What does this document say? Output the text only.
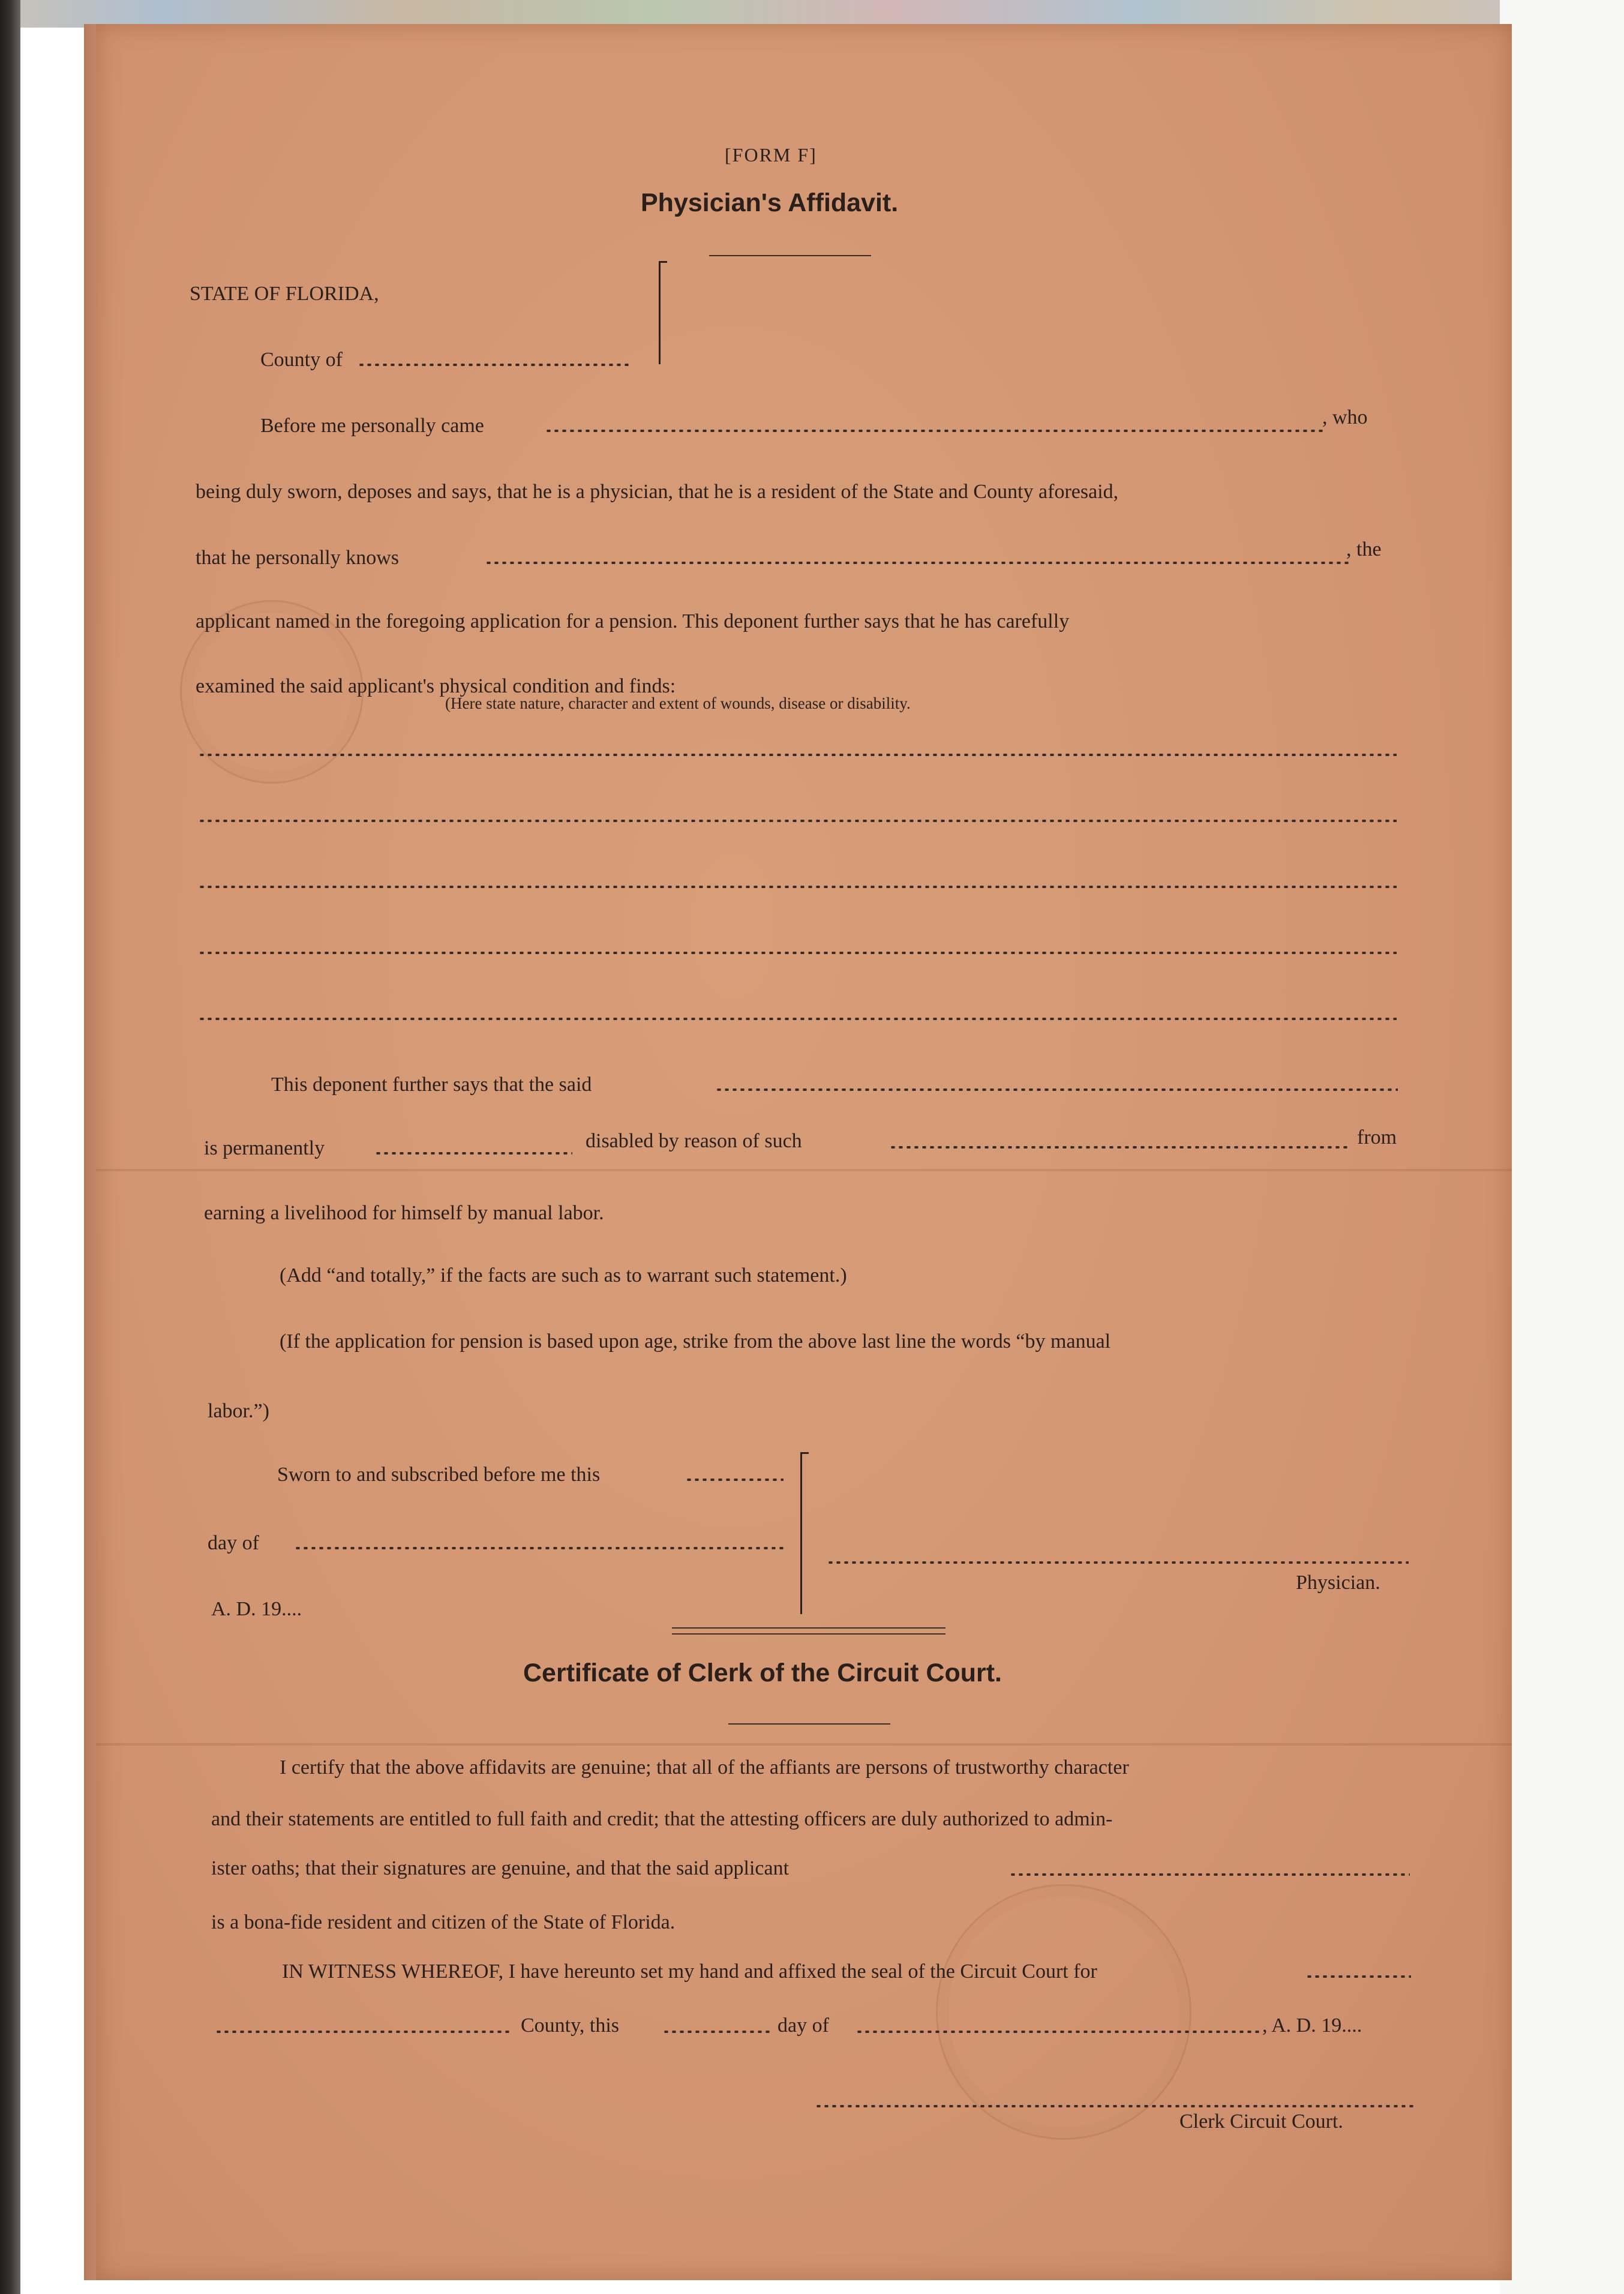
[FORM F]
Physician's Affidavit.
STATE OF FLORIDA,
County of
Before me personally came	, who
being duly sworn, deposes and says, that he is a physician, that he is a resident of the State and County aforesaid,
that he personally knows	, the
applicant named in the foregoing application for a pension. This deponent further says that he has carefully
examined the said applicant's physical condition and finds:
(Here state nature, character and extent of wounds, disease or disability.
This deponent further says that the said
is permanently	disabled by reason of such	from
earning a livelihood for himself by manual labor.
(Add “and totally,” if the facts are such as to warrant such statement.)
(If the application for pension is based upon age, strike from the above last line the words “by manual
labor.”)
Sworn to and subscribed before me this
day of
A. D. 19....
Physician.
Certificate of Clerk of the Circuit Court.
I certify that the above affidavits are genuine; that all of the affiants are persons of trustworthy character
and their statements are entitled to full faith and credit; that the attesting officers are duly authorized to admin-
ister oaths; that their signatures are genuine, and that the said applicant
is a bona-fide resident and citizen of the State of Florida.
IN WITNESS WHEREOF, I have hereunto set my hand and affixed the seal of the Circuit Court for
County, this	day of	, A. D. 19....
Clerk Circuit Court.
